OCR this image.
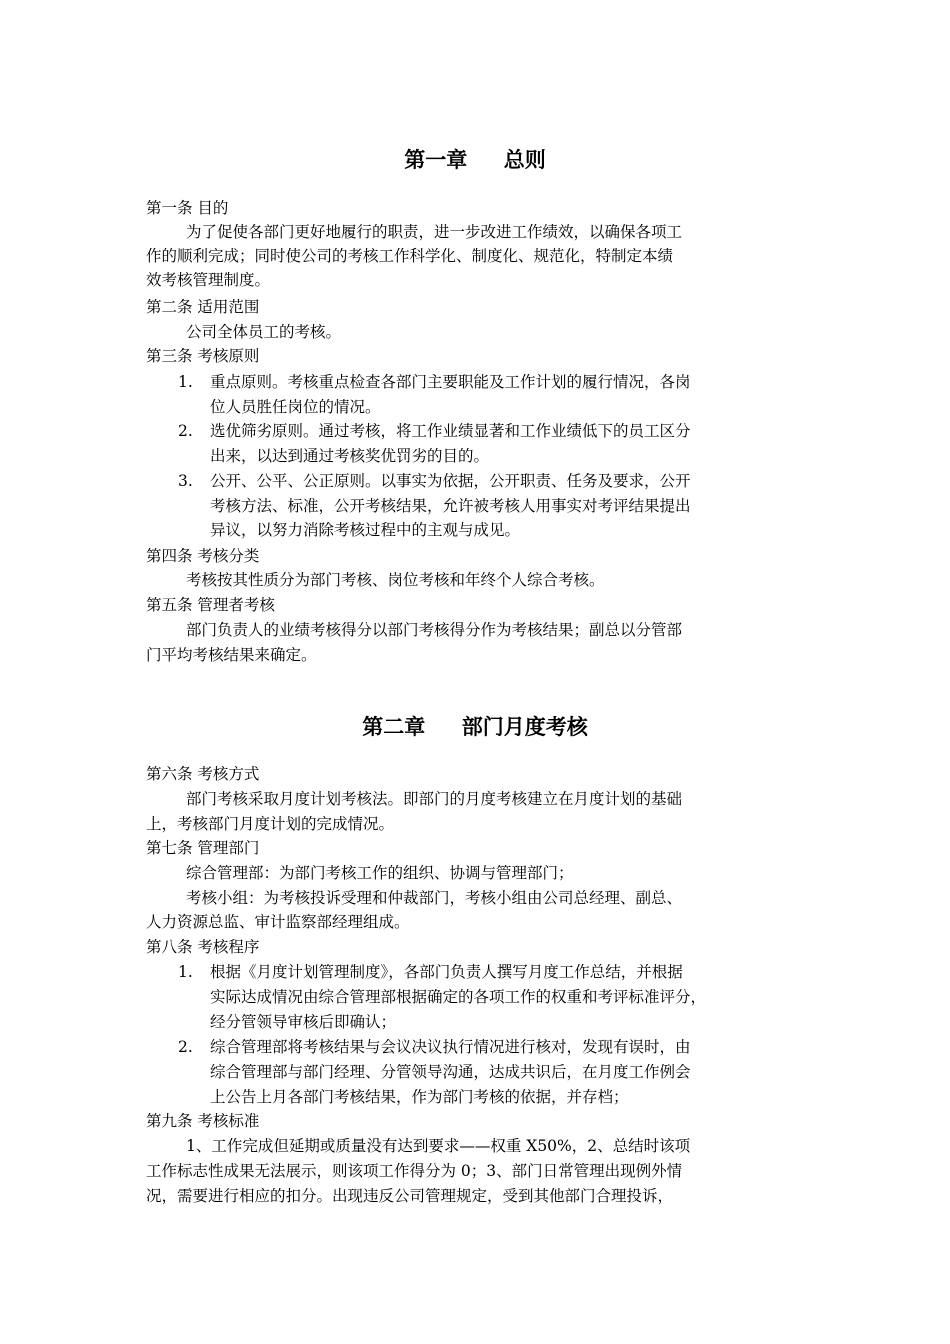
第一章     总则
第一条 目的
为了促使各部门更好地履行的职责，进一步改进工作绩效，以确保各项工
作的顺利完成；同时使公司的考核工作科学化、制度化、规范化，特制定本绩
效考核管理制度。
第二条 适用范围
公司全体员工的考核。
第三条 考核原则
1. 重点原则。考核重点检查各部门主要职能及工作计划的履行情况，各岗
位人员胜任岗位的情况。
2. 选优筛劣原则。通过考核，将工作业绩显著和工作业绩低下的员工区分
出来，以达到通过考核奖优罚劣的目的。
3. 公开、公平、公正原则。以事实为依据，公开职责、任务及要求，公开
考核方法、标准，公开考核结果，允许被考核人用事实对考评结果提出
异议，以努力消除考核过程中的主观与成见。
第四条 考核分类
考核按其性质分为部门考核、岗位考核和年终个人综合考核。
第五条 管理者考核
部门负责人的业绩考核得分以部门考核得分作为考核结果；副总以分管部
门平均考核结果来确定。
第二章     部门月度考核
第六条 考核方式
部门考核采取月度计划考核法。即部门的月度考核建立在月度计划的基础
上，考核部门月度计划的完成情况。
第七条 管理部门
综合管理部：为部门考核工作的组织、协调与管理部门；
考核小组：为考核投诉受理和仲裁部门，考核小组由公司总经理、副总、
人力资源总监、审计监察部经理组成。
第八条 考核程序
1. 根据《月度计划管理制度》，各部门负责人撰写月度工作总结，并根据
实际达成情况由综合管理部根据确定的各项工作的权重和考评标准评分，
经分管领导审核后即确认；
2. 综合管理部将考核结果与会议决议执行情况进行核对，发现有误时，由
综合管理部与部门经理、分管领导沟通，达成共识后，在月度工作例会
上公告上月各部门考核结果，作为部门考核的依据，并存档；
第九条 考核标准
1、工作完成但延期或质量没有达到要求——权重 X50%，2、总结时该项
工作标志性成果无法展示，则该项工作得分为 0；3、部门日常管理出现例外情
况，需要进行相应的扣分。出现违反公司管理规定，受到其他部门合理投诉，
